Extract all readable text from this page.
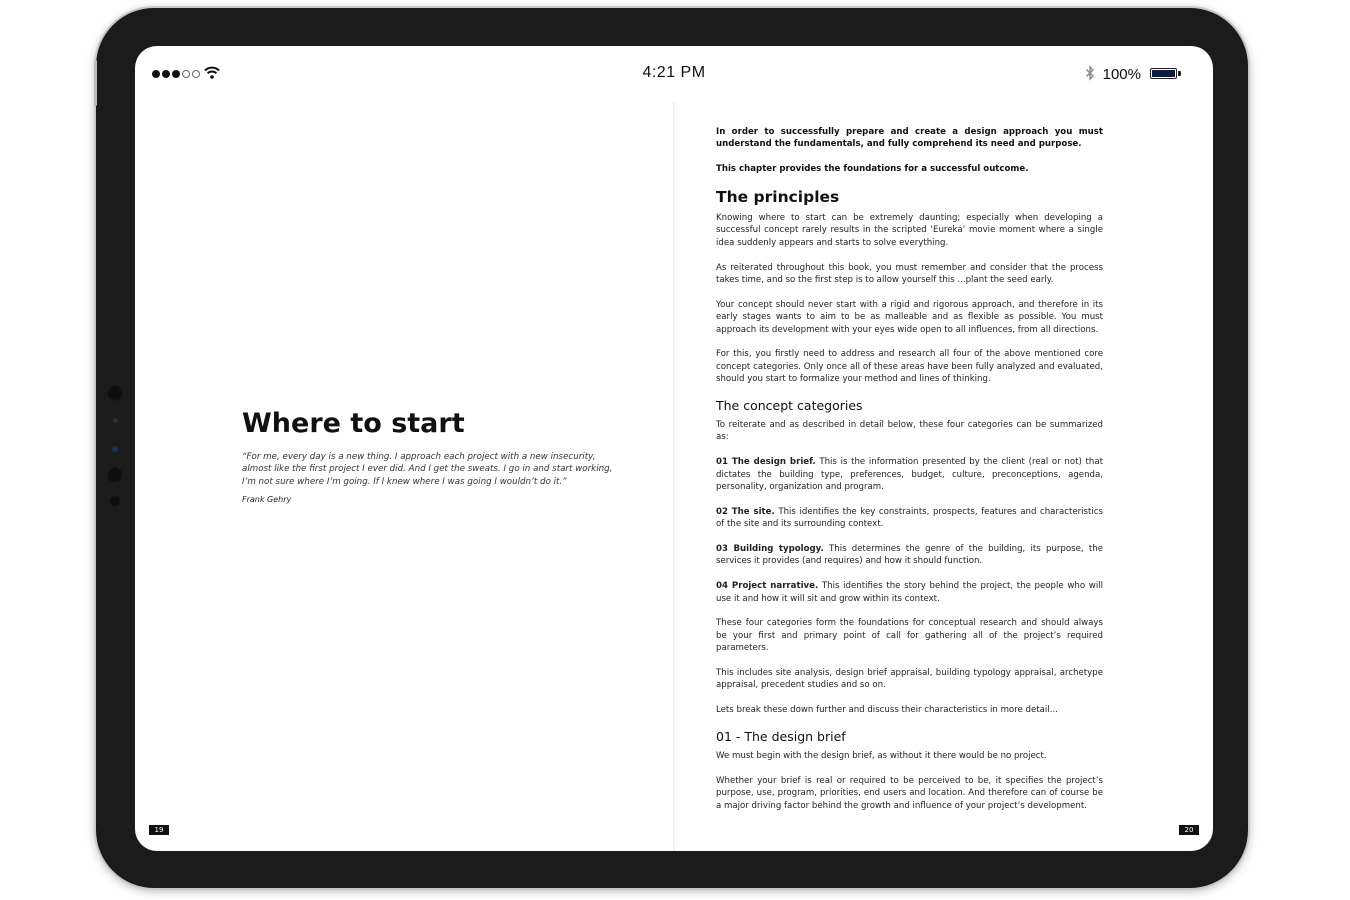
4:21 PM	100%
Where to start

“For me, every day is a new thing. I approach each project with a new insecurity, almost like the first project I ever did. And I get the sweats. I go in and start working, I’m not sure where I’m going. If I knew where I was going I wouldn’t do it.”

Frank Gehry

19

In order to successfully prepare and create a design approach you must understand the fundamentals, and fully comprehend its need and purpose.

This chapter provides the foundations for a successful outcome.

The principles

Knowing where to start can be extremely daunting; especially when developing a successful concept rarely results in the scripted ‘Eureka’ movie moment where a single idea suddenly appears and starts to solve everything.

As reiterated throughout this book, you must remember and consider that the process takes time, and so the first step is to allow yourself this ...plant the seed early.

Your concept should never start with a rigid and rigorous approach, and therefore in its early stages wants to aim to be as malleable and as flexible as possible. You must approach its development with your eyes wide open to all influences, from all directions.

For this, you firstly need to address and research all four of the above mentioned core concept categories. Only once all of these areas have been fully analyzed and evaluated, should you start to formalize your method and lines of thinking.

The concept categories

To reiterate and as described in detail below, these four categories can be summarized as:

01 The design brief. This is the information presented by the client (real or not) that dictates the building type, preferences, budget, culture, preconceptions, agenda, personality, organization and program.

02 The site. This identifies the key constraints, prospects, features and characteristics of the site and its surrounding context.

03 Building typology. This determines the genre of the building, its purpose, the services it provides (and requires) and how it should function.

04 Project narrative. This identifies the story behind the project, the people who will use it and how it will sit and grow within its context.

These four categories form the foundations for conceptual research and should always be your first and primary point of call for gathering all of the project’s required parameters.

This includes site analysis, design brief appraisal, building typology appraisal, archetype appraisal, precedent studies and so on.

Lets break these down further and discuss their characteristics in more detail...

01 - The design brief

We must begin with the design brief, as without it there would be no project.

Whether your brief is real or required to be perceived to be, it specifies the project’s purpose, use, program, priorities, end users and location. And therefore can of course be a major driving factor behind the growth and influence of your project’s development.

20
